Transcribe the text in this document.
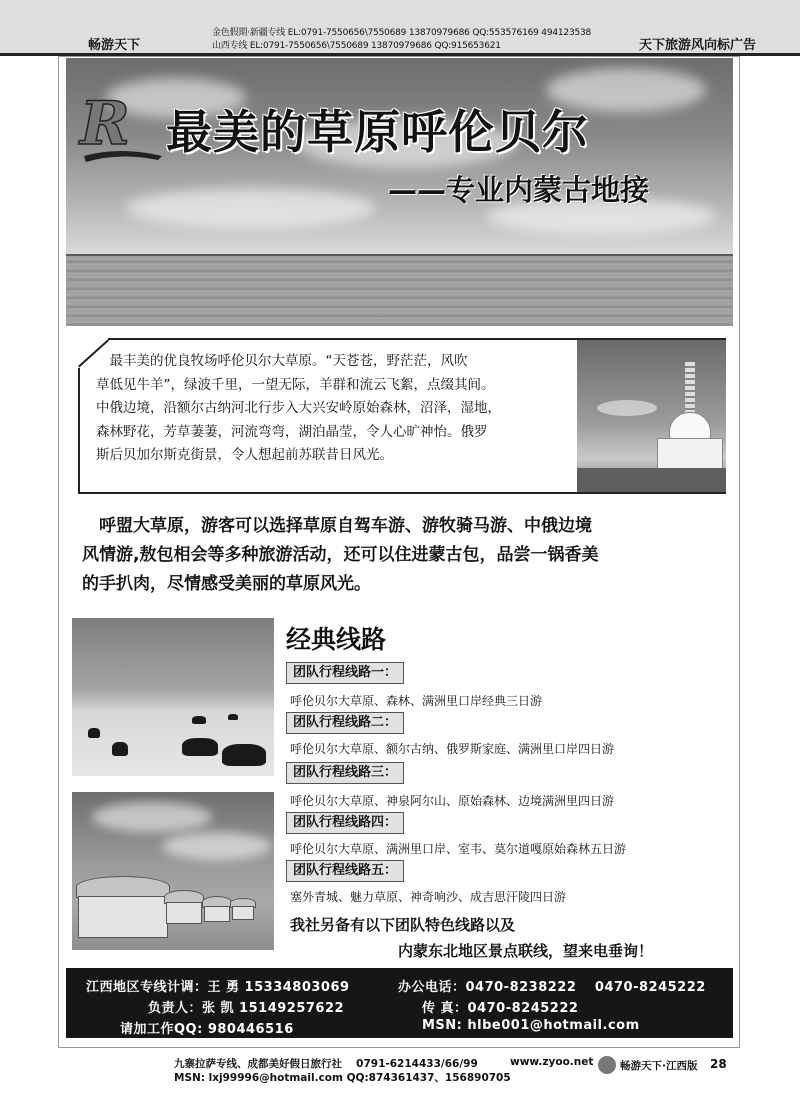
金色假期·新疆专线 EL:0791-7550656\7550689 13870979686 QQ:553576169 494123538
山西专线 EL:0791-7550656\7550689 13870979686 QQ:915653621
畅游天下	天下旅游风向标广告
R 最美的草原呼伦贝尔
——专业内蒙古地接
　最丰美的优良牧场呼伦贝尔大草原。“天苍苍，野茫茫，风吹
草低见牛羊”，绿波千里，一望无际，羊群和流云飞絮，点缀其间。
中俄边境，沿额尔古纳河北行步入大兴安岭原始森林，沼泽，湿地，
森林野花，芳草萋萋，河流弯弯，湖泊晶莹，令人心旷神怡。俄罗
斯后贝加尔斯克街景，令人想起前苏联昔日风光。
　呼盟大草原，游客可以选择草原自驾车游、游牧骑马游、中俄边境
风情游,敖包相会等多种旅游活动，还可以住进蒙古包，品尝一锅香美
的手扒肉，尽情感受美丽的草原风光。
经典线路
团队行程线路一：
呼伦贝尔大草原、森林、满洲里口岸经典三日游
团队行程线路二：
呼伦贝尔大草原、额尔古纳、俄罗斯家庭、满洲里口岸四日游
团队行程线路三：
呼伦贝尔大草原、神泉阿尔山、原始森林、边境满洲里四日游
团队行程线路四：
呼伦贝尔大草原、满洲里口岸、室韦、莫尔道嘎原始森林五日游
团队行程线路五：
塞外青城、魅力草原、神奇响沙、成吉思汗陵四日游
我社另备有以下团队特色线路以及
内蒙东北地区景点联线，望来电垂询！
江西地区专线计调：王 勇 15334803069	办公电话：0470-8238222　 0470-8245222
负责人：张 凯 15149257622	传 真：0470-8245222
请加工作QQ: 980446516	MSN: hlbe001@hotmail.com
九寨拉萨专线、成都美好假日旅行社　 0791-6214433/66/99	www.zyoo.net
MSN: lxj99996@hotmail.com QQ:874361437、156890705
畅游天下·江西版 28
